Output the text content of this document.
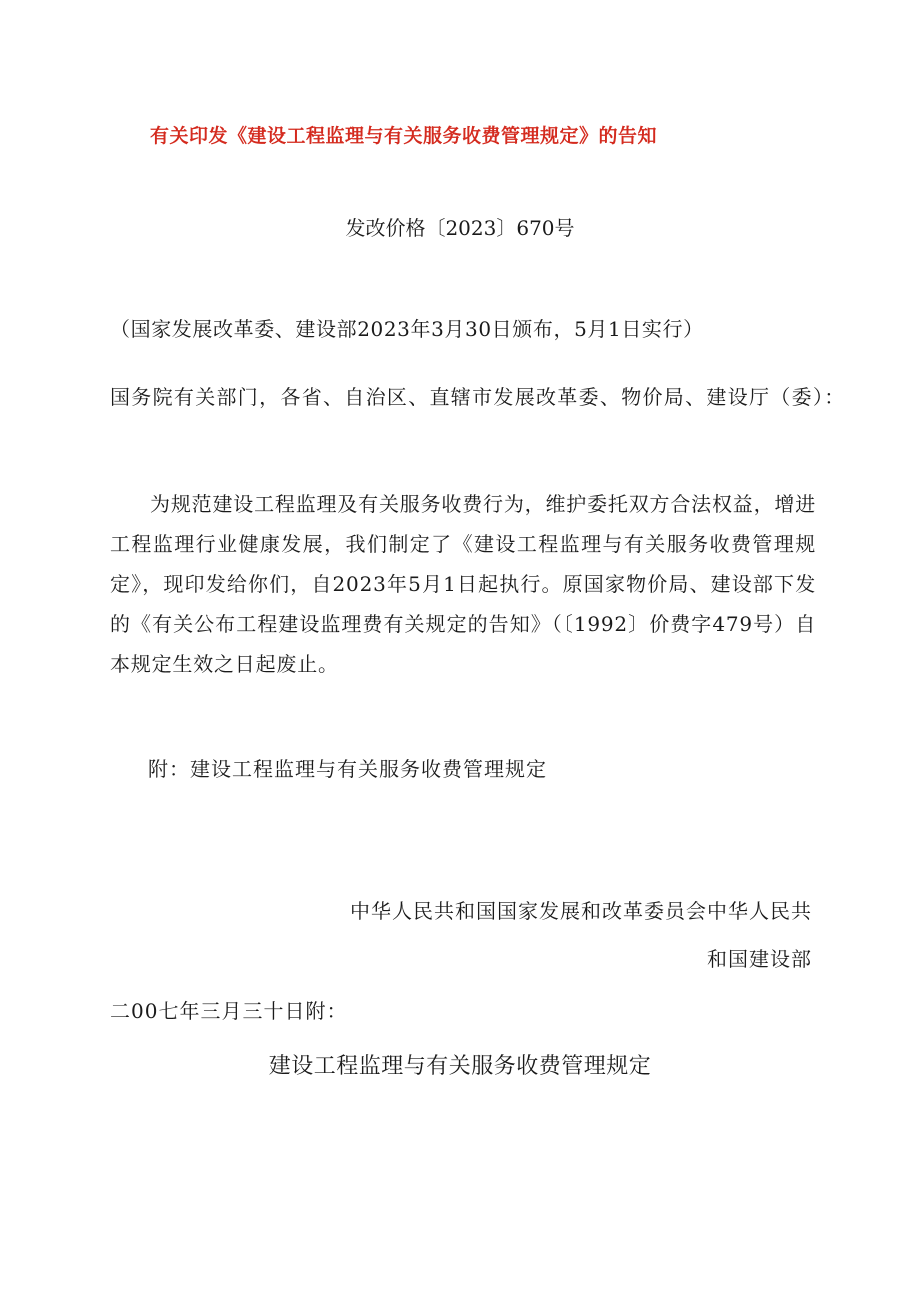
有关印发《建设工程监理与有关服务收费管理规定》的告知
发改价格〔2023〕670号
（国家发展改革委、建设部2023年3月30日颁布，5月1日实行）
国务院有关部门，各省、自治区、直辖市发展改革委、物价局、建设厅（委）：
为规范建设工程监理及有关服务收费行为，维护委托双方合法权益，增进工程监理行业健康发展，我们制定了《建设工程监理与有关服务收费管理规定》，现印发给你们，自2023年5月1日起执行。原国家物价局、建设部下发的《有关公布工程建设监理费有关规定的告知》（〔1992〕价费字479号）自本规定生效之日起废止。
附：建设工程监理与有关服务收费管理规定
中华人民共和国国家发展和改革委员会中华人民共
和国建设部
二00七年三月三十日附：
建设工程监理与有关服务收费管理规定
